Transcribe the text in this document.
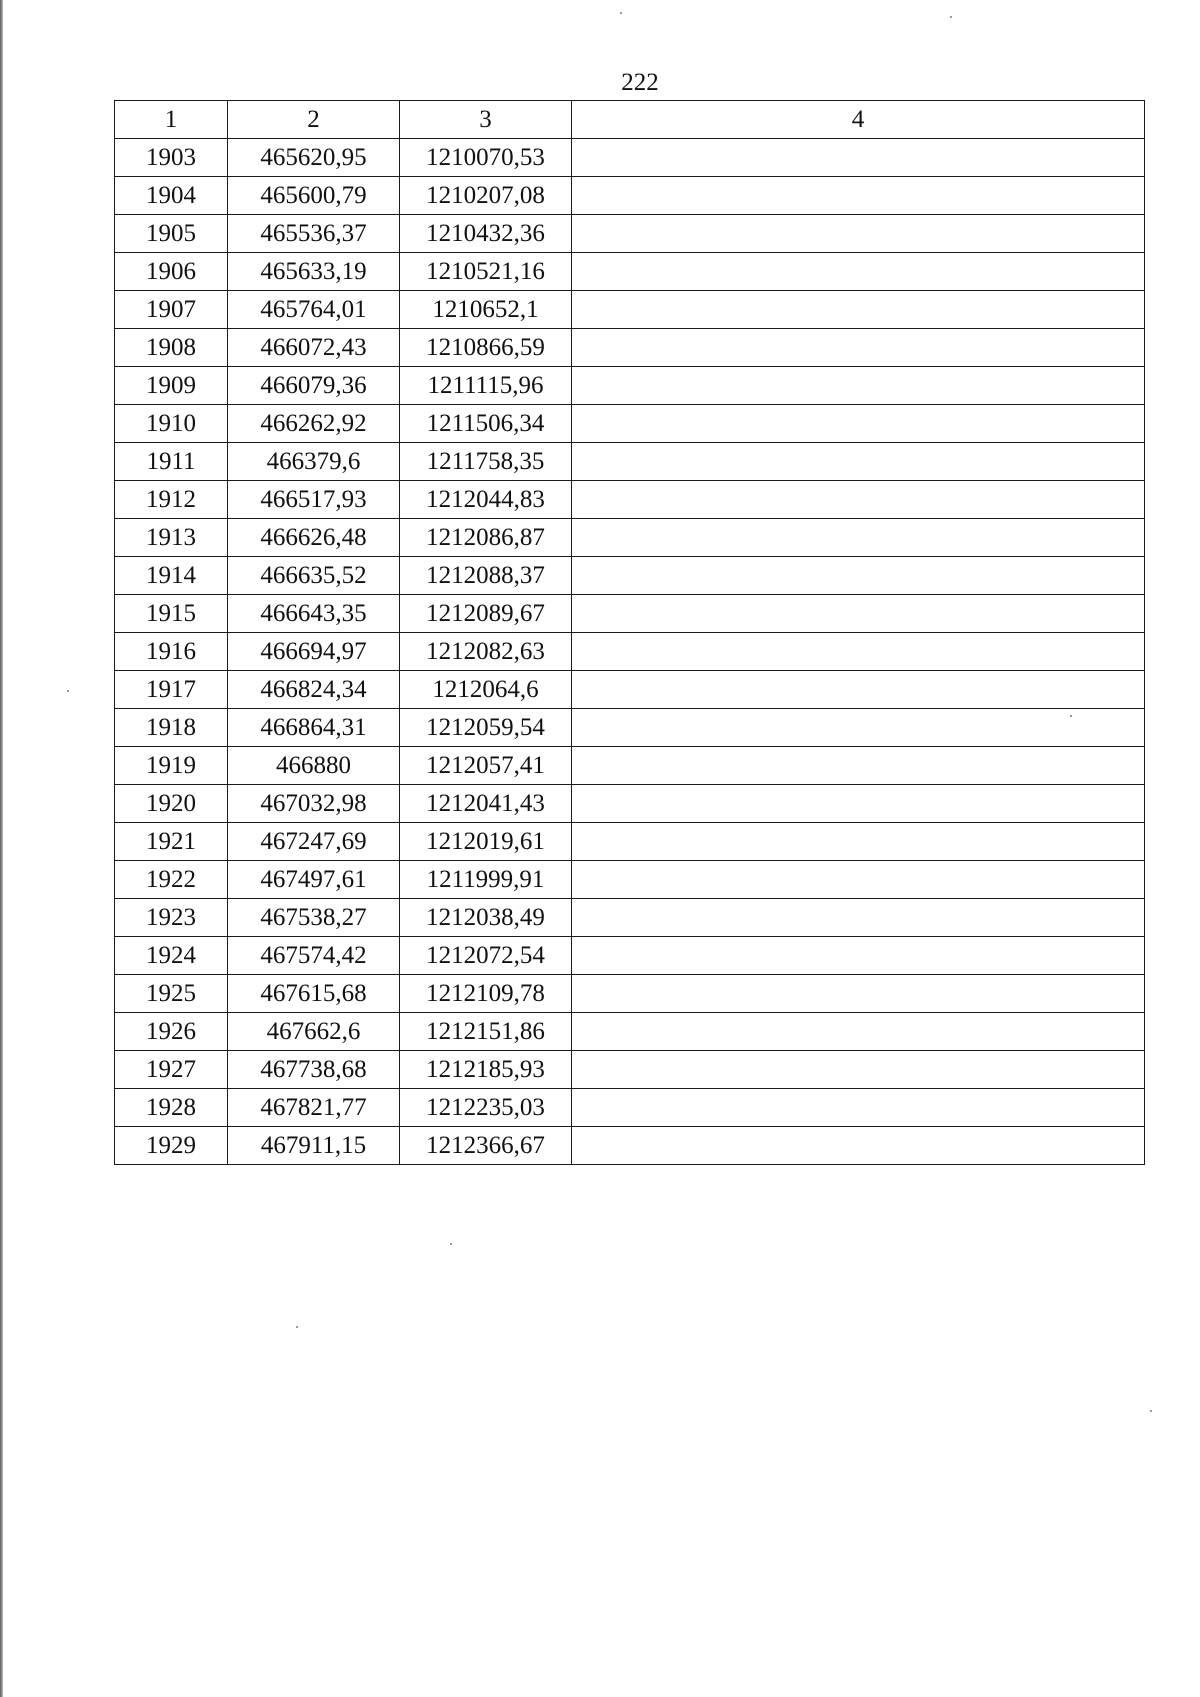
222
1	2	3	4
1903	465620,95	1210070,53	
1904	465600,79	1210207,08	
1905	465536,37	1210432,36	
1906	465633,19	1210521,16	
1907	465764,01	1210652,1	
1908	466072,43	1210866,59	
1909	466079,36	1211115,96	
1910	466262,92	1211506,34	
1911	466379,6	1211758,35	
1912	466517,93	1212044,83	
1913	466626,48	1212086,87	
1914	466635,52	1212088,37	
1915	466643,35	1212089,67	
1916	466694,97	1212082,63	
1917	466824,34	1212064,6	
1918	466864,31	1212059,54	
1919	466880	1212057,41	
1920	467032,98	1212041,43	
1921	467247,69	1212019,61	
1922	467497,61	1211999,91	
1923	467538,27	1212038,49	
1924	467574,42	1212072,54	
1925	467615,68	1212109,78	
1926	467662,6	1212151,86	
1927	467738,68	1212185,93	
1928	467821,77	1212235,03	
1929	467911,15	1212366,67	
